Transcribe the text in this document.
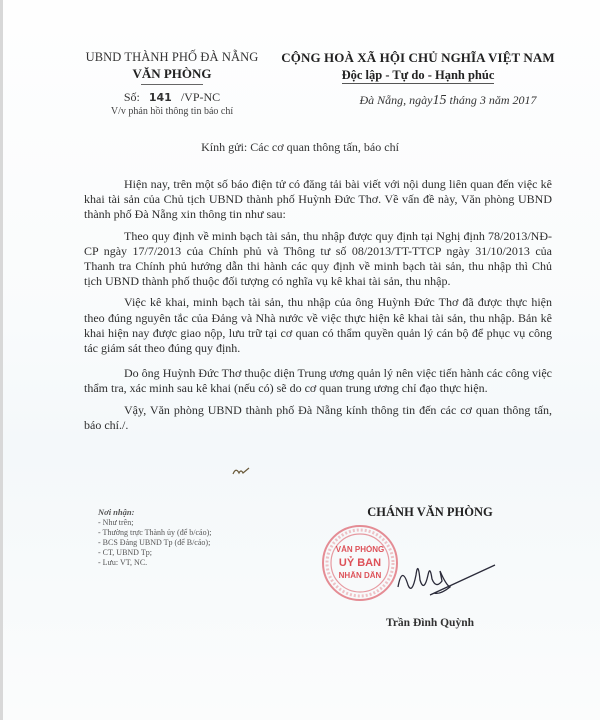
UBND THÀNH PHỐ ĐÀ NẴNG
VĂN PHÒNG
Số: 141 /VP-NC
V/v phản hồi thông tin báo chí
CỘNG HOÀ XÃ HỘI CHỦ NGHĨA VIỆT NAM
Độc lập - Tự do - Hạnh phúc
Đà Nẵng, ngày15 tháng 3 năm 2017
Kính gửi: Các cơ quan thông tấn, báo chí

Hiện nay, trên một số báo điện tử có đăng tải bài viết với nội dung liên quan đến việc kê khai tài sản của Chủ tịch UBND thành phố Huỳnh Đức Thơ. Về vấn đề này, Văn phòng UBND thành phố Đà Nẵng xin thông tin như sau:

Theo quy định về minh bạch tài sản, thu nhập được quy định tại Nghị định 78/2013/NĐ-CP ngày 17/7/2013 của Chính phủ và Thông tư số 08/2013/TT-TTCP ngày 31/10/2013 của Thanh tra Chính phủ hướng dẫn thi hành các quy định về minh bạch tài sản, thu nhập thì Chủ tịch UBND thành phố thuộc đối tượng có nghĩa vụ kê khai tài sản, thu nhập.

Việc kê khai, minh bạch tài sản, thu nhập của ông Huỳnh Đức Thơ đã được thực hiện theo đúng nguyên tắc của Đảng và Nhà nước về việc thực hiện kê khai tài sản, thu nhập. Bản kê khai hiện nay được giao nộp, lưu trữ tại cơ quan có thẩm quyền quản lý cán bộ để phục vụ công tác giám sát theo đúng quy định.

Do ông Huỳnh Đức Thơ thuộc diện Trung ương quản lý nên việc tiến hành các công việc thẩm tra, xác minh sau kê khai (nếu có) sẽ do cơ quan trung ương chỉ đạo thực hiện.

Vậy, Văn phòng UBND thành phố Đà Nẵng kính thông tin đến các cơ quan thông tấn, báo chí./.

Nơi nhận:
- Như trên;
- Thường trực Thành ủy (để b/cáo);
- BCS Đảng UBND Tp (để B/cáo);
- CT, UBND Tp;
- Lưu: VT, NC.
VĂN PHÒNG
UỶ BAN
NHÂN DÂN
CHÁNH VĂN PHÒNG
Trần Đình Quỳnh
